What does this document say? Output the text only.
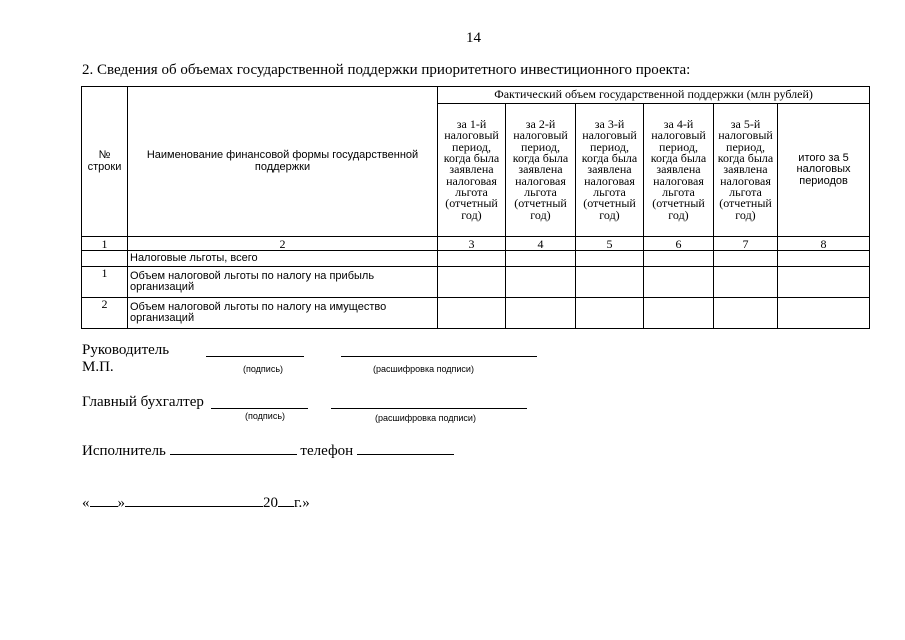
14
2. Сведения об объемах государственной поддержки приоритетного инвестиционного проекта:
№ строки	Наименование финансовой формы государственной поддержки	Фактический объем государственной поддержки (млн рублей)					
		за 1-й налоговый период, когда была заявлена налоговая льгота (отчетный год)	за 2-й налоговый период, когда была заявлена налоговая льгота (отчетный год)	за 3-й налоговый период, когда была заявлена налоговая льгота (отчетный год)	за 4-й налоговый период, когда была заявлена налоговая льгота (отчетный год)	за 5-й налоговый период, когда была заявлена налоговая льгота (отчетный год)	итого за 5 налоговых периодов
1	2	3	4	5	6	7	8
	Налоговые льготы, всего						
1	Объем налоговой льготы по налогу на прибыль организаций						
2	Объем налоговой льготы по налогу на имущество организаций						
Руководитель
М.П.	(подпись)	(расшифровка подписи)
Главный бухгалтер
(подпись)	(расшифровка подписи)
Исполнитель	телефон
« »	20 г.»
